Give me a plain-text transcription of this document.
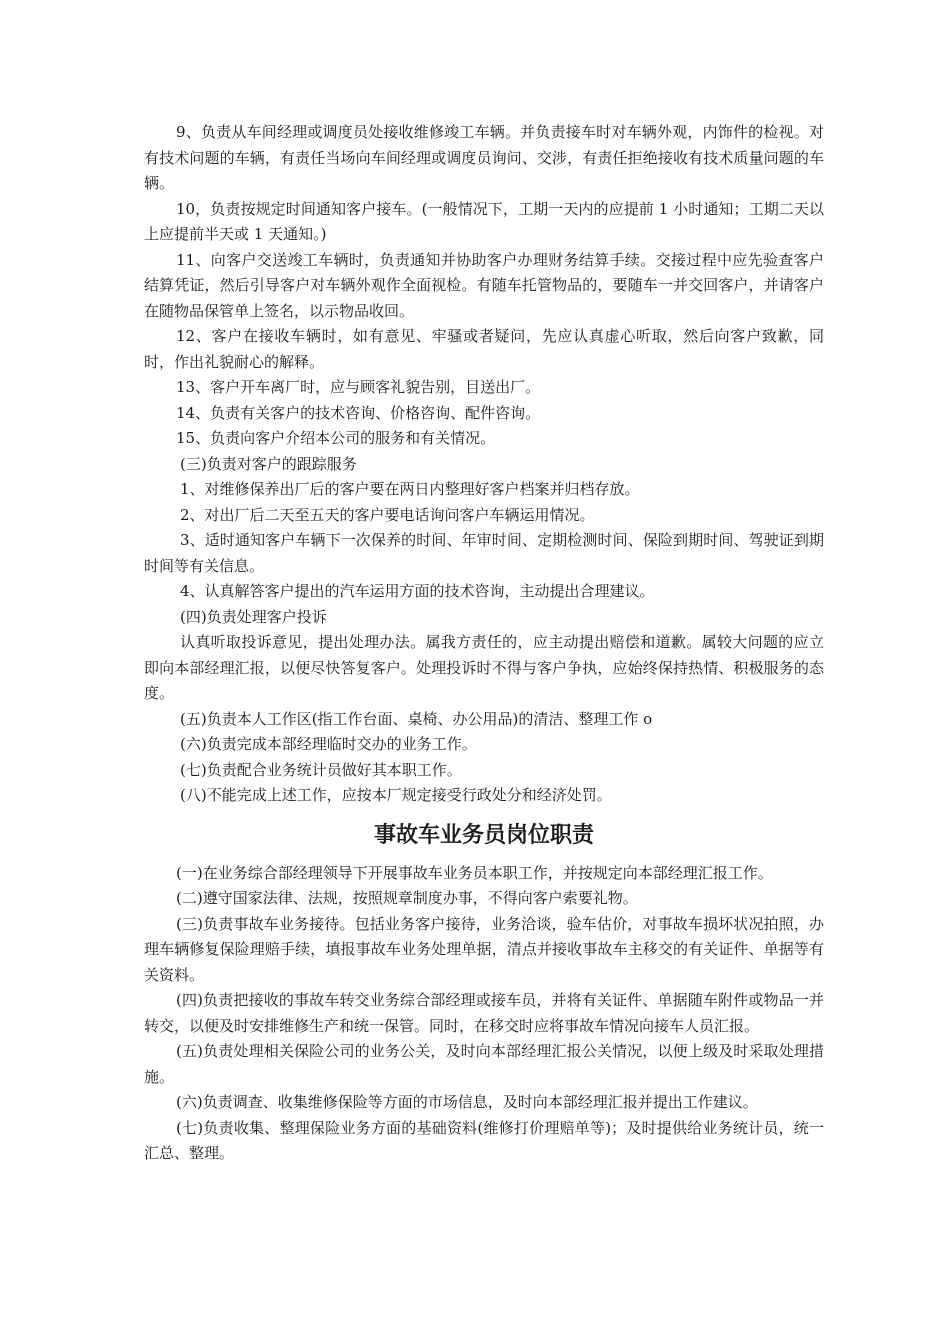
9、负责从车间经理或调度员处接收维修竣工车辆。并负责接车时对车辆外观，内饰件的检视。对有技术问题的车辆，有责任当场向车间经理或调度员询问、交涉，有责任拒绝接收有技术质量问题的车辆。

10，负责按规定时间通知客户接车。(一般情况下，工期一天内的应提前 1 小时通知；工期二天以上应提前半天或 1 天通知。)

11、向客户交送竣工车辆时，负责通知并协助客户办理财务结算手续。交接过程中应先验查客户结算凭证，然后引导客户对车辆外观作全面视检。有随车托管物品的，要随车一并交回客户，并请客户在随物品保管单上签名，以示物品收回。

12、客户在接收车辆时，如有意见、牢骚或者疑问，先应认真虚心听取，然后向客户致歉，同时，作出礼貌耐心的解释。

13、客户开车离厂时，应与顾客礼貌告别，目送出厂。

14、负责有关客户的技术咨询、价格咨询、配件咨询。

15、负责向客户介绍本公司的服务和有关情况。

(三)负责对客户的跟踪服务

1、对维修保养出厂后的客户要在两日内整理好客户档案并归档存放。

2、对出厂后二天至五天的客户要电话询问客户车辆运用情况。

3、适时通知客户车辆下一次保养的时间、年审时间、定期检测时间、保险到期时间、驾驶证到期时间等有关信息。

4、认真解答客户提出的汽车运用方面的技术咨询，主动提出合理建议。

(四)负责处理客户投诉

认真听取投诉意见，提出处理办法。属我方责任的，应主动提出赔偿和道歉。属较大问题的应立即向本部经理汇报，以便尽快答复客户。处理投诉时不得与客户争执，应始终保持热情、积极服务的态度。

(五)负责本人工作区(指工作台面、桌椅、办公用品)的清洁、整理工作 o

(六)负责完成本部经理临时交办的业务工作。

(七)负责配合业务统计员做好其本职工作。

(八)不能完成上述工作，应按本厂规定接受行政处分和经济处罚。

事故车业务员岗位职责

(一)在业务综合部经理领导下开展事故车业务员本职工作，并按规定向本部经理汇报工作。

(二)遵守国家法律、法规，按照规章制度办事，不得向客户索要礼物。

(三)负责事故车业务接待。包括业务客户接待，业务洽谈，验车估价，对事故车损坏状况拍照，办理车辆修复保险理赔手续，填报事故车业务处理单据，清点并接收事故车主移交的有关证件、单据等有关资料。

(四)负责把接收的事故车转交业务综合部经理或接车员，并将有关证件、单据随车附件或物品一并转交，以便及时安排维修生产和统一保管。同时，在移交时应将事故车情况向接车人员汇报。

(五)负责处理相关保险公司的业务公关，及时向本部经理汇报公关情况，以便上级及时采取处理措施。

(六)负责调查、收集维修保险等方面的市场信息，及时向本部经理汇报并提出工作建议。

(七)负责收集、整理保险业务方面的基础资料(维修打价理赔单等)；及时提供给业务统计员，统一汇总、整理。
